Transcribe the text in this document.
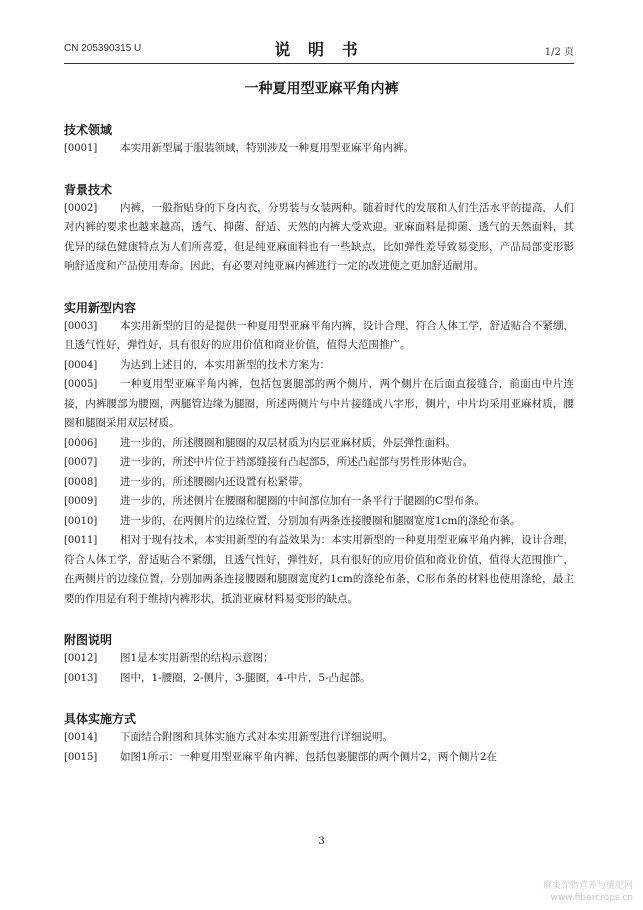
CN 205390315 U	说 明 书	1/2 页
一种夏用型亚麻平角内裤
技术领域
[0001]	本实用新型属于服装领域，特别涉及一种夏用型亚麻平角内裤。
背景技术
[0002]	内裤，一般指贴身的下身内衣，分男装与女装两种。随着时代的发展和人们生活水平的提高，人们对内裤的要求也越来越高，透气、抑菌、舒适、天然的内裤大受欢迎。亚麻面料是抑菌、透气的天然面料，其优异的绿色健康特点为人们所喜爱，但是纯亚麻面料也有一些缺点，比如弹性差导致易变形，产品局部变形影响舒适度和产品使用寿命。因此，有必要对纯亚麻内裤进行一定的改进使之更加舒适耐用。
实用新型内容
[0003]	本实用新型的目的是提供一种夏用型亚麻平角内裤，设计合理，符合人体工学，舒适贴合不紧绷，且透气性好，弹性好，具有很好的应用价值和商业价值，值得大范围推广。
[0004]	为达到上述目的，本实用新型的技术方案为：
[0005]	一种夏用型亚麻平角内裤，包括包裹腿部的两个侧片，两个侧片在后面直接缝合，前面由中片连接，内裤腰部为腰圈，两腿管边缘为腿圈，所述两侧片与中片接缝成八字形，侧片，中片均采用亚麻材质，腰圈和腿圈采用双层材质。
[0006]	进一步的，所述腰圈和腿圈的双层材质为内层亚麻材质，外层弹性面料。
[0007]	进一步的，所述中片位于裆部缝接有凸起部5，所述凸起部与男性形体贴合。
[0008]	进一步的，所述腰圈内还设置有松紧带。
[0009]	进一步的，所述侧片在腰圈和腿圈的中间部位加有一条平行于腿圈的C型布条。
[0010]	进一步的，在两侧片的边缘位置，分别加有两条连接腰圈和腿圈宽度1cm的涤纶布条。
[0011]	相对于现有技术，本实用新型的有益效果为：本实用新型的一种夏用型亚麻平角内裤，设计合理，符合人体工学，舒适贴合不紧绷，且透气性好，弹性好，具有很好的应用价值和商业价值，值得大范围推广，在两侧片的边缘位置，分别加两条连接腰圈和腿圈宽度约1cm的涤纶布条，C形布条的材料也使用涤纶，最主要的作用是有利于维持内裤形状，抵消亚麻材料易变形的缺点。
附图说明
[0012]	图1是本实用新型的结构示意图；
[0013]	图中，1-腰圈，2-侧片，3-腿圈，4-中片，5-凸起部。
具体实施方式
[0014]	下面结合附图和具体实施方式对本实用新型进行详细说明。
[0015]	如图1所示：一种夏用型亚麻平角内裤，包括包裹腿部的两个侧片2，两个侧片2在
3
麻类作物营养与施肥网
www.fibercrops.cn
